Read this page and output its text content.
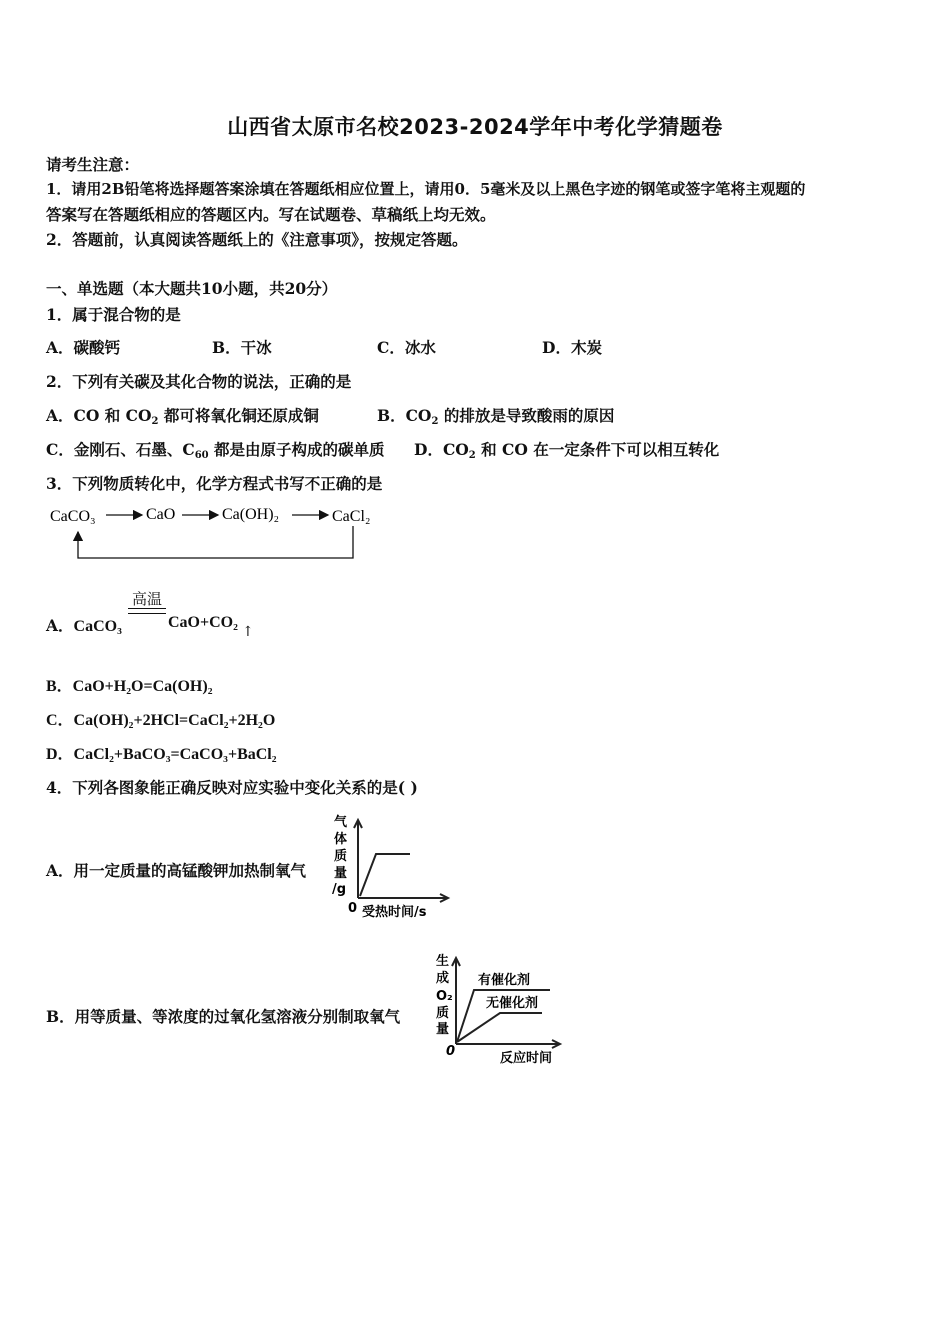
山西省太原市名校2023-2024学年中考化学猜题卷
请考生注意：
1．请用2B铅笔将选择题答案涂填在答题纸相应位置上，请用0．5毫米及以上黑色字迹的钢笔或签字笔将主观题的
答案写在答题纸相应的答题区内。写在试题卷、草稿纸上均无效。
2．答题前，认真阅读答题纸上的《注意事项》，按规定答题。
一、单选题（本大题共10小题，共20分）
1．属于混合物的是
A．碳酸钙	B．干冰	C．冰水	D．木炭
2．下列有关碳及其化合物的说法，正确的是
A．CO 和 $CO_2$ 都可将氧化铜还原成铜	B．$CO_2$ 的排放是导致酸雨的原因
C．金刚石、石墨、$C_{60}$ 都是由原子构成的碳单质 D．$CO_2$ 和 CO 在一定条件下可以相互转化
3．下列物质转化中，化学方程式书写不正确的是
CaCO₃	CaO	Ca(OH)₂	CaCl₂
A．CaCO₃
高温
CaO+CO₂
↑
B．CaO+H₂O=Ca(OH)₂
C．Ca(OH)₂+2HCl=CaCl₂+2H₂O
D．CaCl₂+BaCO₃=CaCO₃+BaCl₂
4．下列各图象能正确反映对应实验中变化关系的是( )
A．用一定质量的高锰酸钾加热制氧气
气
体
质
量
/g
0 受热时间/s
B．用等质量、等浓度的过氧化氢溶液分别制取氧气
生
成
O₂
质
量
0	反应时间
有催化剂
无催化剂
